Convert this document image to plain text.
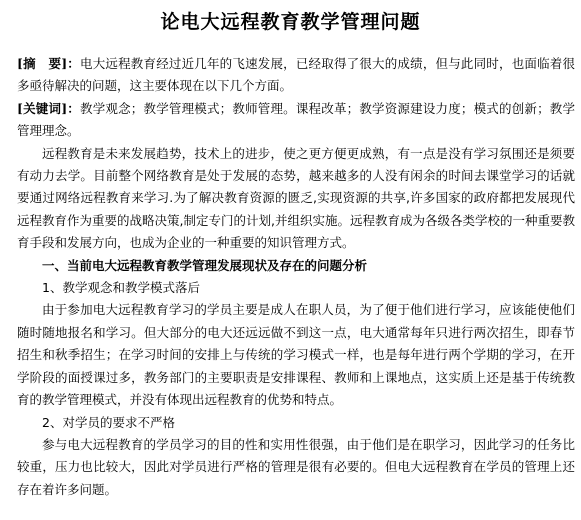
论电大远程教育教学管理问题

[摘　要]：电大远程教育经过近几年的飞速发展，已经取得了很大的成绩，但与此同时，也面临着很多亟待解决的问题，这主要体现在以下几个方面。

[关键词]：教学观念；教学管理模式；教师管理。课程改革；教学资源建设力度；模式的创新；教学管理理念。

远程教育是未来发展趋势，技术上的进步，使之更方便更成熟，有一点是没有学习氛围还是须要有动力去学。目前整个网络教育是处于发展的态势，越来越多的人没有闲余的时间去课堂学习的话就要通过网络远程教育来学习.为了解决教育资源的匮乏,实现资源的共享,许多国家的政府都把发展现代远程教育作为重要的战略决策,制定专门的计划,并组织实施。远程教育成为各级各类学校的一种重要教育手段和发展方向，也成为企业的一种重要的知识管理方式。

一、当前电大远程教育教学管理发展现状及存在的问题分析

1、教学观念和教学模式落后

由于参加电大远程教育学习的学员主要是成人在职人员，为了便于他们进行学习，应该能使他们随时随地报名和学习。但大部分的电大还远远做不到这一点，电大通常每年只进行两次招生，即春节招生和秋季招生；在学习时间的安排上与传统的学习模式一样，也是每年进行两个学期的学习，在开学阶段的面授课过多，教务部门的主要职责是安排课程、教师和上课地点，这实质上还是基于传统教育的教学管理模式，并没有体现出远程教育的优势和特点。

2、对学员的要求不严格

参与电大远程教育的学员学习的目的性和实用性很强，由于他们是在职学习，因此学习的任务比较重，压力也比较大，因此对学员进行严格的管理是很有必要的。但电大远程教育在学员的管理上还存在着许多问题。
